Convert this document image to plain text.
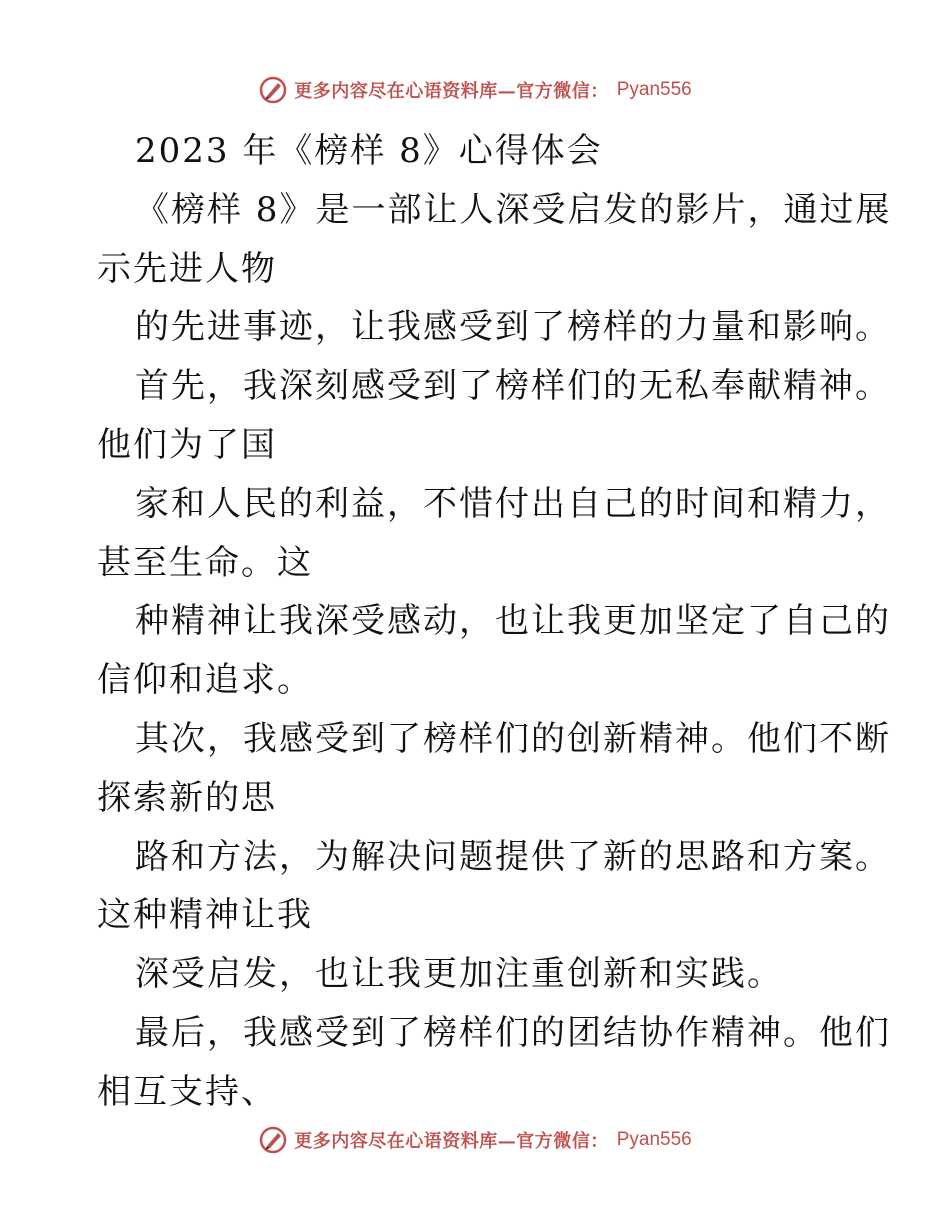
更多内容尽在心语资料库—官方微信： Pyan556
2023 年《榜样 8》心得体会
《榜样 8》是一部让人深受启发的影片，通过展
示先进人物
的先进事迹，让我感受到了榜样的力量和影响。
首先，我深刻感受到了榜样们的无私奉献精神。
他们为了国
家和人民的利益，不惜付出自己的时间和精力，
甚至生命。这
种精神让我深受感动，也让我更加坚定了自己的
信仰和追求。
其次，我感受到了榜样们的创新精神。他们不断
探索新的思
路和方法，为解决问题提供了新的思路和方案。
这种精神让我
深受启发，也让我更加注重创新和实践。
最后，我感受到了榜样们的团结协作精神。他们
相互支持、
更多内容尽在心语资料库—官方微信： Pyan556
